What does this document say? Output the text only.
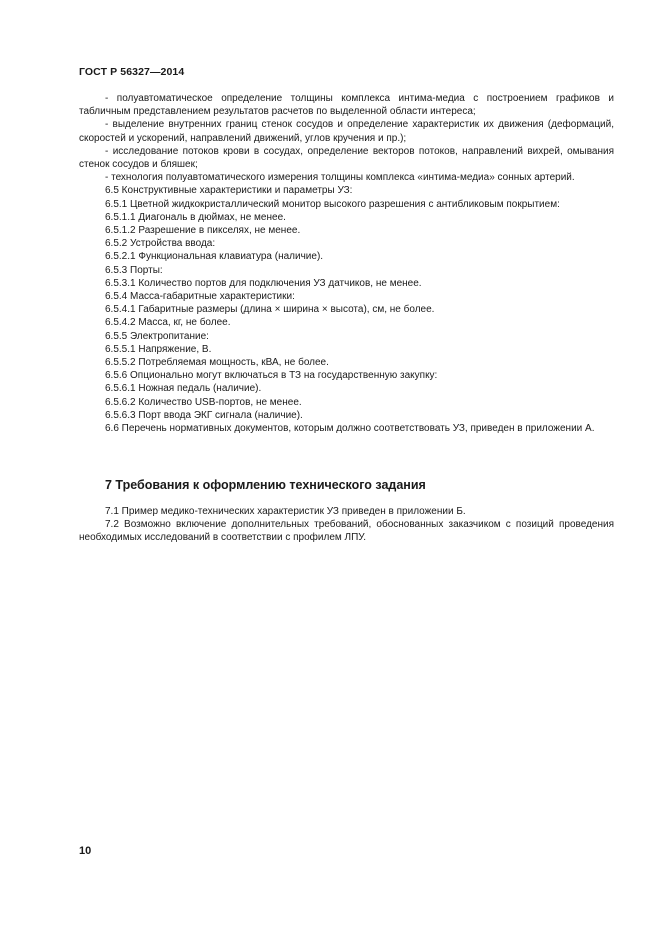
ГОСТ Р 56327—2014

- полуавтоматическое определение толщины комплекса интима-медиа с построением графиков и табличным представлением результатов расчетов по выделенной области интереса;

- выделение внутренних границ стенок сосудов и определение характеристик их движения (деформаций, скоростей и ускорений, направлений движений, углов кручения и пр.);

- исследование потоков крови в сосудах, определение векторов потоков, направлений вихрей, омывания стенок сосудов и бляшек;

- технология полуавтоматического измерения толщины комплекса «интима-медиа» сонных артерий.

6.5 Конструктивные характеристики и параметры УЗ:

6.5.1 Цветной жидкокристаллический монитор высокого разрешения с антибликовым покрытием:

6.5.1.1 Диагональ в дюймах, не менее.

6.5.1.2 Разрешение в пикселях, не менее.

6.5.2 Устройства ввода:

6.5.2.1 Функциональная клавиатура (наличие).

6.5.3 Порты:

6.5.3.1 Количество портов для подключения УЗ датчиков, не менее.

6.5.4 Масса-габаритные характеристики:

6.5.4.1 Габаритные размеры (длина × ширина × высота), см, не более.

6.5.4.2 Масса, кг, не более.

6.5.5 Электропитание:

6.5.5.1 Напряжение, В.

6.5.5.2 Потребляемая мощность, кВА, не более.

6.5.6 Опционально могут включаться в ТЗ на государственную закупку:

6.5.6.1 Ножная педаль (наличие).

6.5.6.2 Количество USB-портов, не менее.

6.5.6.3 Порт ввода ЭКГ сигнала (наличие).

6.6 Перечень нормативных документов, которым должно соответствовать УЗ, приведен в приложении А.

7 Требования к оформлению технического задания

7.1 Пример медико-технических характеристик УЗ приведен в приложении Б.

7.2 Возможно включение дополнительных требований, обоснованных заказчиком с позиций проведения необходимых исследований в соответствии с профилем ЛПУ.

10
